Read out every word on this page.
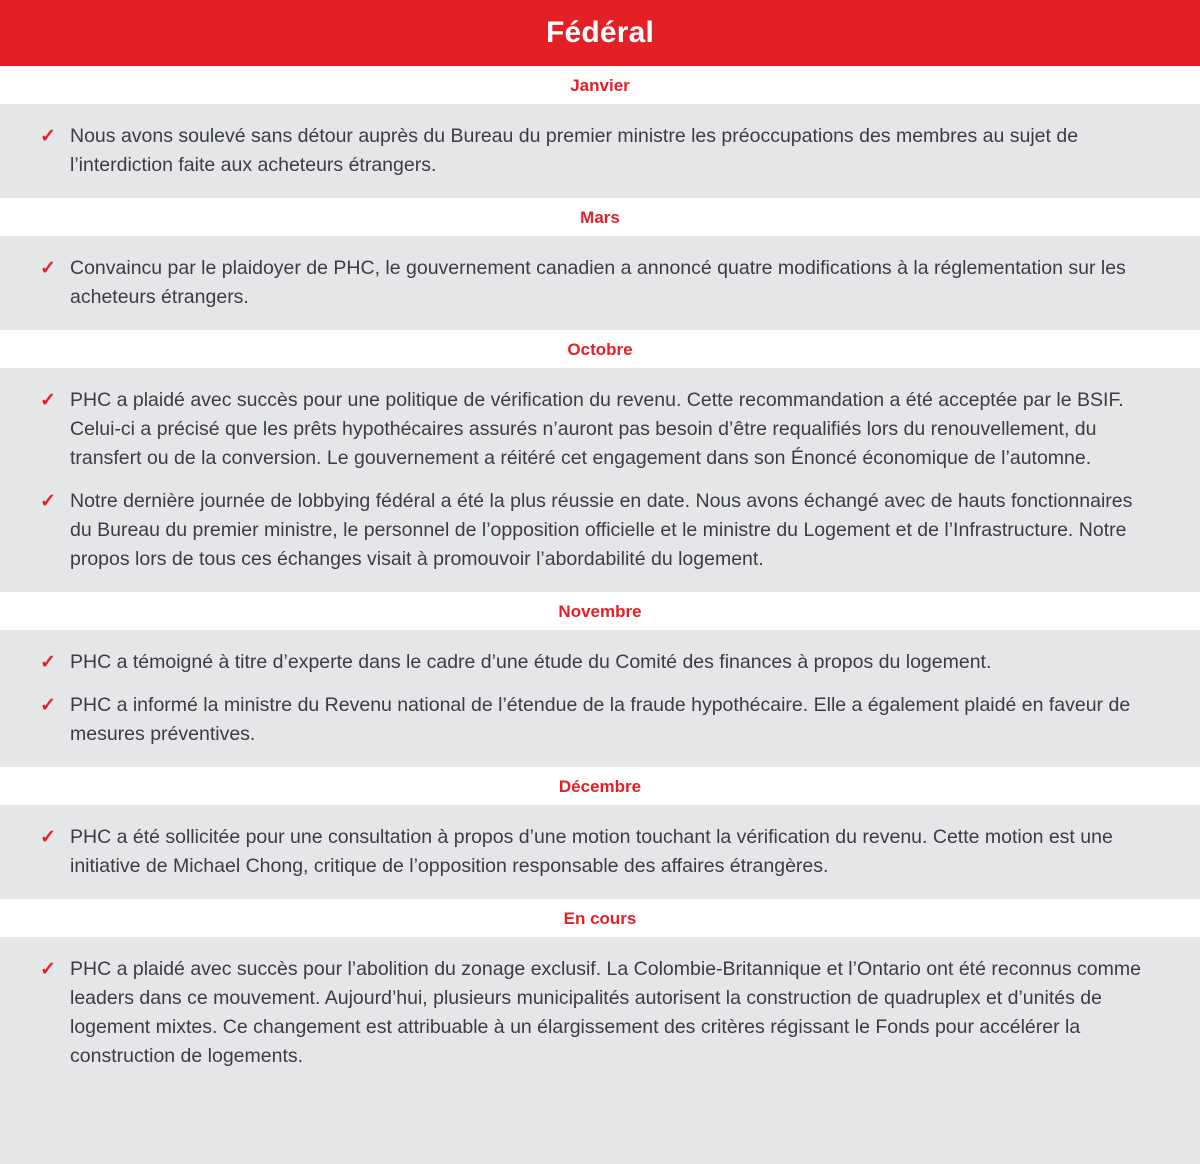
Fédéral
Janvier
✓ Nous avons soulevé sans détour auprès du Bureau du premier ministre les préoccupations des membres au sujet de l’interdiction faite aux acheteurs étrangers.
Mars
✓ Convaincu par le plaidoyer de PHC, le gouvernement canadien a annoncé quatre modifications à la réglementation sur les acheteurs étrangers.
Octobre
✓ PHC a plaidé avec succès pour une politique de vérification du revenu. Cette recommandation a été acceptée par le BSIF. Celui-ci a précisé que les prêts hypothécaires assurés n’auront pas besoin d’être requalifiés lors du renouvellement, du transfert ou de la conversion. Le gouvernement a réitéré cet engagement dans son Énoncé économique de l’automne.
✓ Notre dernière journée de lobbying fédéral a été la plus réussie en date. Nous avons échangé avec de hauts fonctionnaires du Bureau du premier ministre, le personnel de l’opposition officielle et le ministre du Logement et de l’Infrastructure. Notre propos lors de tous ces échanges visait à promouvoir l’abordabilité du logement.
Novembre
✓ PHC a témoigné à titre d’experte dans le cadre d’une étude du Comité des finances à propos du logement.
✓ PHC a informé la ministre du Revenu national de l’étendue de la fraude hypothécaire. Elle a également plaidé en faveur de mesures préventives.
Décembre
✓ PHC a été sollicitée pour une consultation à propos d’une motion touchant la vérification du revenu. Cette motion est une initiative de Michael Chong, critique de l’opposition responsable des affaires étrangères.
En cours
✓ PHC a plaidé avec succès pour l’abolition du zonage exclusif. La Colombie-Britannique et l’Ontario ont été reconnus comme leaders dans ce mouvement. Aujourd’hui, plusieurs municipalités autorisent la construction de quadruplex et d’unités de logement mixtes. Ce changement est attribuable à un élargissement des critères régissant le Fonds pour accélérer la construction de logements.
